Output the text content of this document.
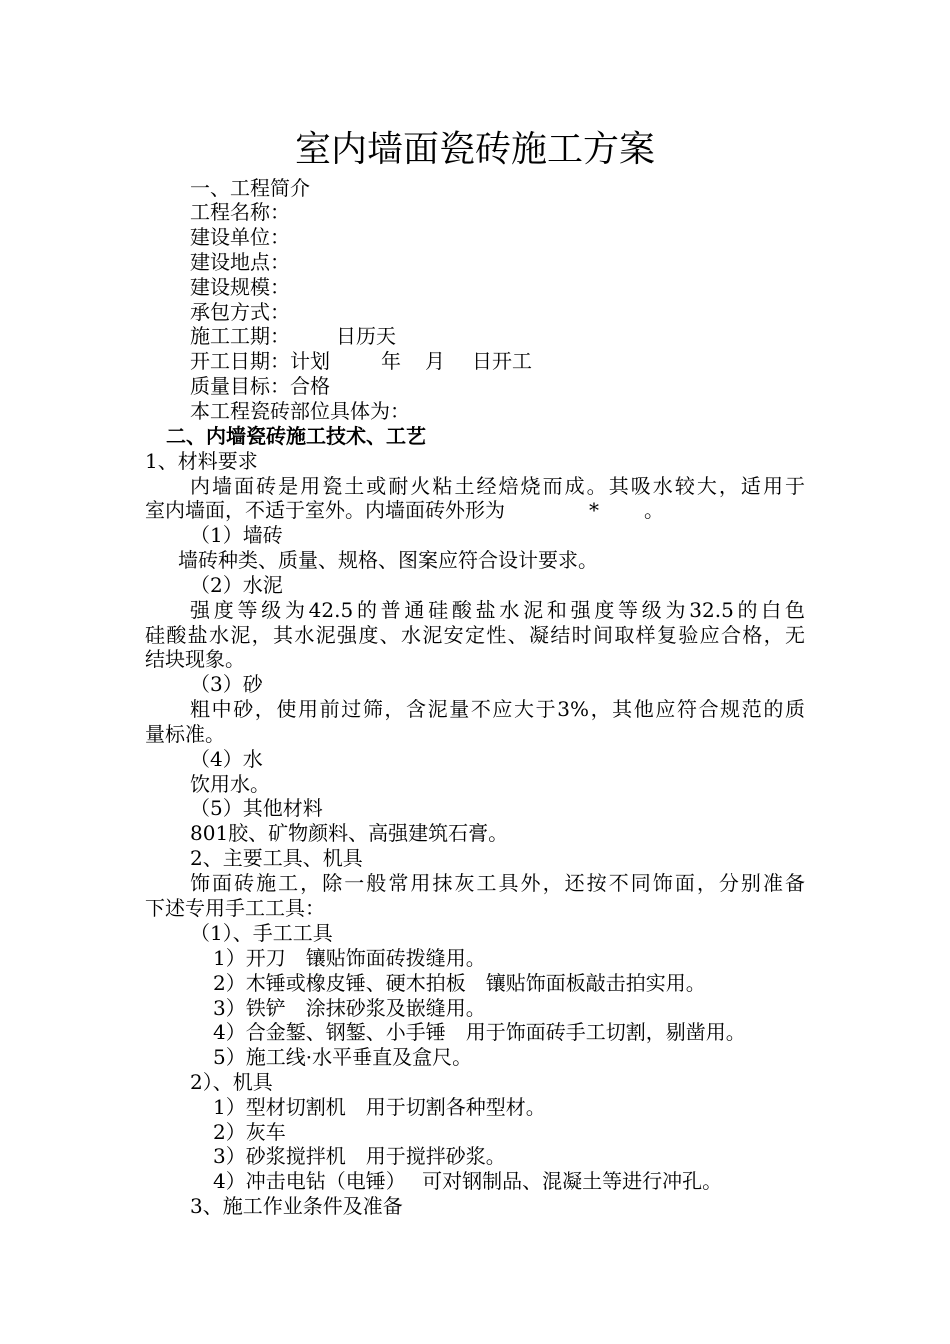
室内墙面瓷砖施工方案
一、工程简介
工程名称：
建设单位：
建设地点：
建设规模：
承包方式：
施工工期： 日历天
开工日期：计划	年 月 日开工
质量目标：合格
本工程瓷砖部位具体为：
二、内墙瓷砖施工技术、工艺
1、材料要求
内墙面砖是用瓷土或耐火粘土经焙烧而成。其吸水较大，适用于
室内墙面，不适于室外。内墙面砖外形为	* 。
（1）墙砖
墙砖种类、质量、规格、图案应符合设计要求。
（2）水泥
强度等级为42.5的普通硅酸盐水泥和强度等级为32.5的白色
硅酸盐水泥，其水泥强度、水泥安定性、凝结时间取样复验应合格，无
结块现象。
（3）砂
粗中砂，使用前过筛，含泥量不应大于3%，其他应符合规范的质
量标准。
（4）水
饮用水。
（5）其他材料
801胶、矿物颜料、高强建筑石膏。
2、主要工具、机具
饰面砖施工，除一般常用抹灰工具外，还按不同饰面，分别准备
下述专用手工工具：
（1）、手工工具
1）开刀　镶贴饰面砖拨缝用。
2）木锤或橡皮锤、硬木拍板　镶贴饰面板敲击拍实用。
3）铁铲　涂抹砂浆及嵌缝用。
4）合金錾、钢錾、小手锤　用于饰面砖手工切割，剔凿用。
5）施工线·水平垂直及盒尺。
2）、机具
1）型材切割机　用于切割各种型材。
2）灰车
3）砂浆搅拌机　用于搅拌砂浆。
4）冲击电钻（电锤）　 可对钢制品、混凝土等进行冲孔。
3、施工作业条件及准备
